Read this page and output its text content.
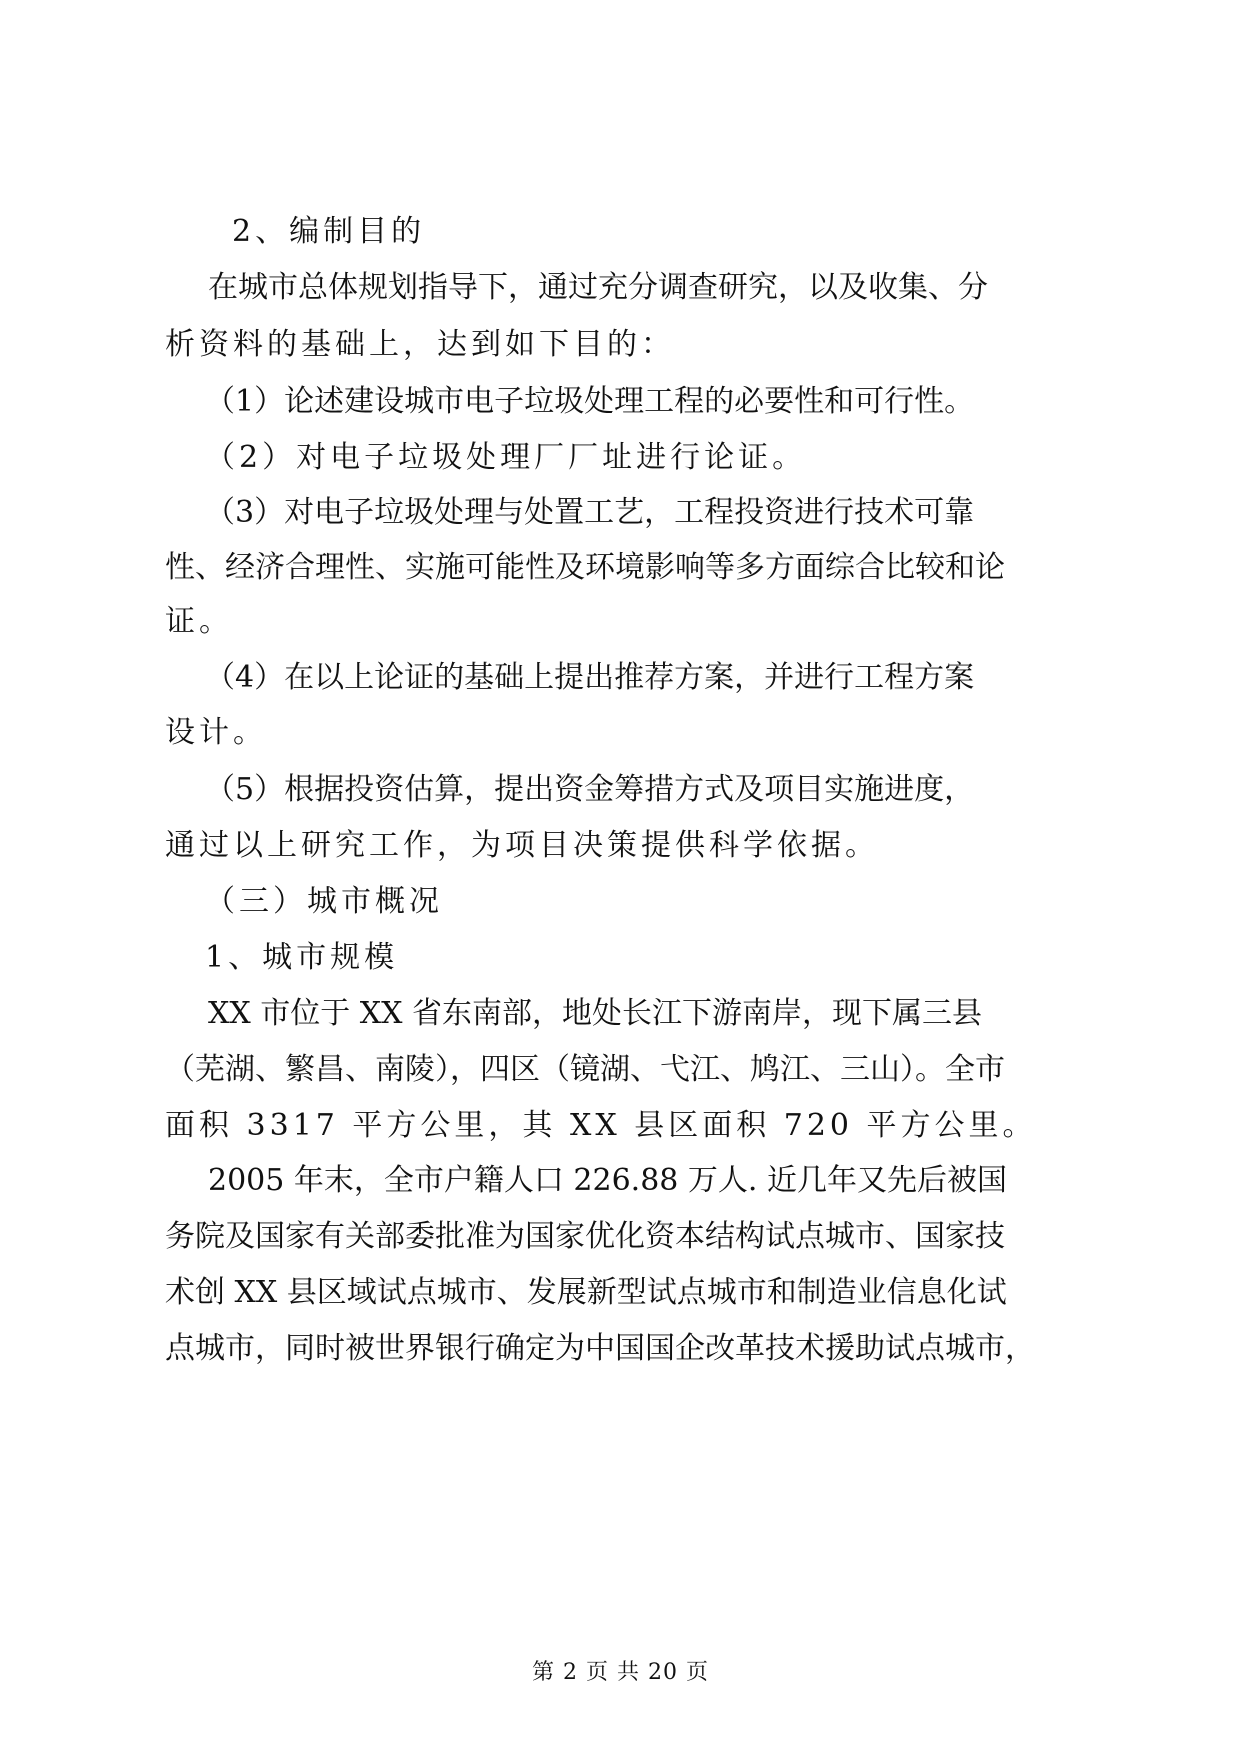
2、编制目的
在城市总体规划指导下，通过充分调查研究，以及收集、分
析资料的基础上，达到如下目的：
（1）论述建设城市电子垃圾处理工程的必要性和可行性。
（2）对电子垃圾处理厂厂址进行论证。
（3）对电子垃圾处理与处置工艺，工程投资进行技术可靠
性、经济合理性、实施可能性及环境影响等多方面综合比较和论
证。
（4）在以上论证的基础上提出推荐方案，并进行工程方案
设计。
（5）根据投资估算，提出资金筹措方式及项目实施进度，
通过以上研究工作，为项目决策提供科学依据。
（三）城市概况
1、城市规模
XX 市位于 XX 省东南部，地处长江下游南岸，现下属三县
（芜湖、繁昌、南陵），四区（镜湖、弋江、鸠江、三山）。全市
面积 3317 平方公里，其 XX 县区面积 720 平方公里。
2005 年末，全市户籍人口 226.88 万人. 近几年又先后被国
务院及国家有关部委批准为国家优化资本结构试点城市、国家技
术创 XX 县区域试点城市、发展新型试点城市和制造业信息化试
点城市，同时被世界银行确定为中国国企改革技术援助试点城市，
第 2 页 共 20 页
